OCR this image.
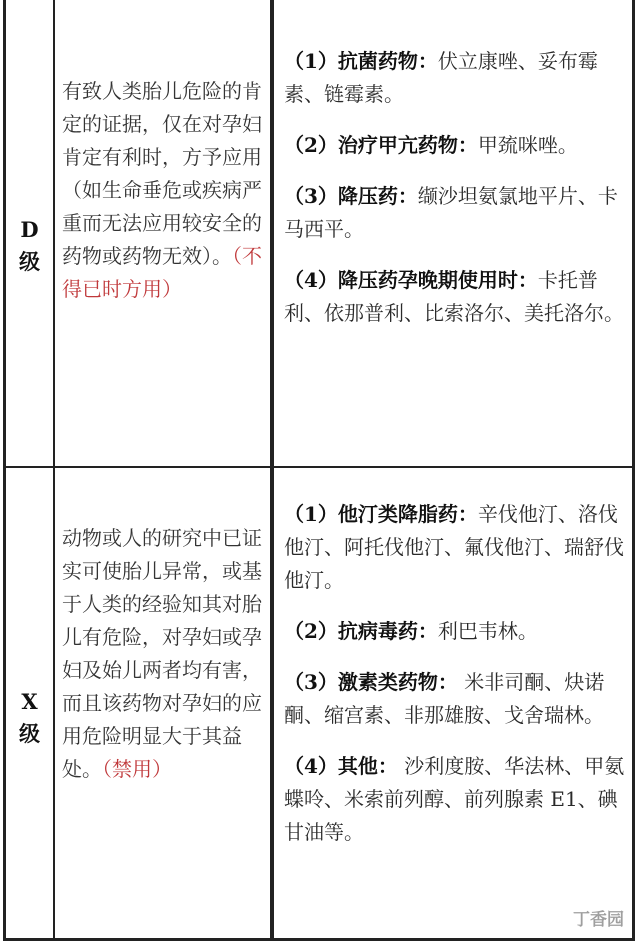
D
级
有致人类胎儿危险的肯定的证据，仅在对孕妇肯定有利时，方予应用（如生命垂危或疾病严重而无法应用较安全的药物或药物无效）。（不得已时方用）
（1）抗菌药物：伏立康唑、妥布霉素、链霉素。
（2）治疗甲亢药物：甲巯咪唑。
（3）降压药：缬沙坦氨氯地平片、卡马西平。
（4）降压药孕晚期使用时：卡托普利、依那普利、比索洛尔、美托洛尔。
X
级
动物或人的研究中已证实可使胎儿异常，或基于人类的经验知其对胎儿有危险，对孕妇或孕妇及始儿两者均有害，而且该药物对孕妇的应用危险明显大于其益处。（禁用）
（1）他汀类降脂药：辛伐他汀、洛伐他汀、阿托伐他汀、氟伐他汀、瑞舒伐他汀。
（2）抗病毒药：利巴韦林。
（3）激素类药物： 米非司酮、炔诺酮、缩宫素、非那雄胺、戈舍瑞林。
（4）其他： 沙利度胺、华法林、甲氨蝶呤、米索前列醇、前列腺素 E1、碘甘油等。
丁香园
